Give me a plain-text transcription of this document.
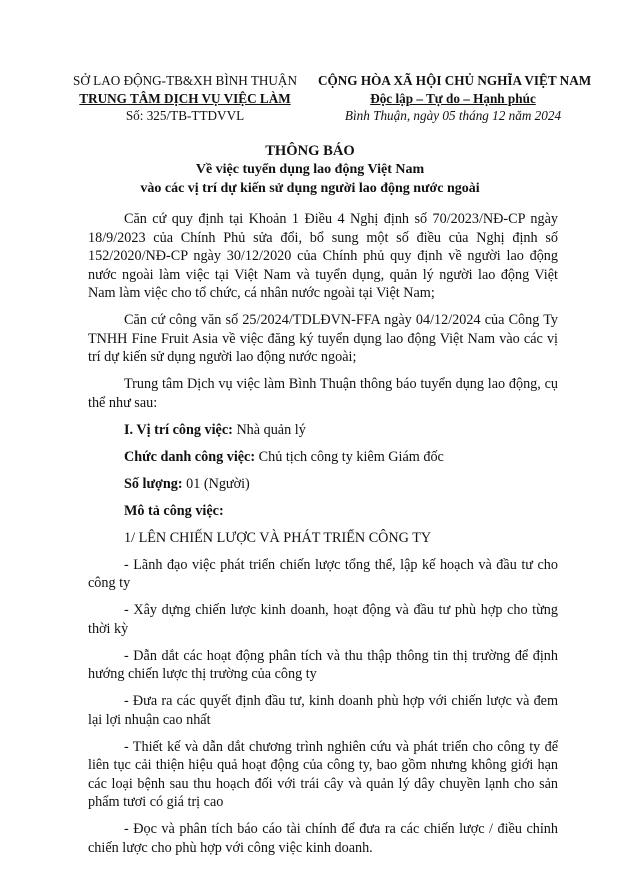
SỞ LAO ĐỘNG-TB&XH BÌNH THUẬN
TRUNG TÂM DỊCH VỤ VIỆC LÀM
Số: 325/TB-TTDVVL
CỘNG HÒA XÃ HỘI CHỦ NGHĨA VIỆT NAM
Độc lập – Tự do – Hạnh phúc
Bình Thuận, ngày 05 tháng 12 năm 2024
THÔNG BÁO
Về việc tuyển dụng lao động Việt Nam
vào các vị trí dự kiến sử dụng người lao động nước ngoài

Căn cứ quy định tại Khoản 1 Điều 4 Nghị định số 70/2023/NĐ-CP ngày 18/9/2023 của Chính Phủ sửa đổi, bổ sung một số điều của Nghị định số 152/2020/NĐ-CP ngày 30/12/2020 của Chính phủ quy định về người lao động nước ngoài làm việc tại Việt Nam và tuyển dụng, quản lý người lao động Việt Nam làm việc cho tổ chức, cá nhân nước ngoài tại Việt Nam;

Căn cứ công văn số 25/2024/TDLĐVN-FFA ngày 04/12/2024 của Công Ty TNHH Fine Fruit Asia về việc đăng ký tuyển dụng lao động Việt Nam vào các vị trí dự kiến sử dụng người lao động nước ngoài;

Trung tâm Dịch vụ việc làm Bình Thuận thông báo tuyển dụng lao động, cụ thể như sau:

I. Vị trí công việc: Nhà quản lý

Chức danh công việc: Chủ tịch công ty kiêm Giám đốc

Số lượng: 01 (Người)

Mô tả công việc:

1/ LÊN CHIẾN LƯỢC VÀ PHÁT TRIỂN CÔNG TY

- Lãnh đạo việc phát triển chiến lược tổng thể, lập kế hoạch và đầu tư cho công ty

- Xây dựng chiến lược kinh doanh, hoạt động và đầu tư phù hợp cho từng thời kỳ

- Dẫn dắt các hoạt động phân tích và thu thập thông tin thị trường để định hướng chiến lược thị trường của công ty

- Đưa ra các quyết định đầu tư, kinh doanh phù hợp với chiến lược và đem lại lợi nhuận cao nhất

- Thiết kế và dẫn dắt chương trình nghiên cứu và phát triển cho công ty để liên tục cải thiện hiệu quả hoạt động của công ty, bao gồm nhưng không giới hạn các loại bệnh sau thu hoạch đối với trái cây và quản lý dây chuyền lạnh cho sản phẩm tươi có giá trị cao

- Đọc và phân tích báo cáo tài chính để đưa ra các chiến lược / điều chỉnh chiến lược cho phù hợp với công việc kinh doanh.
